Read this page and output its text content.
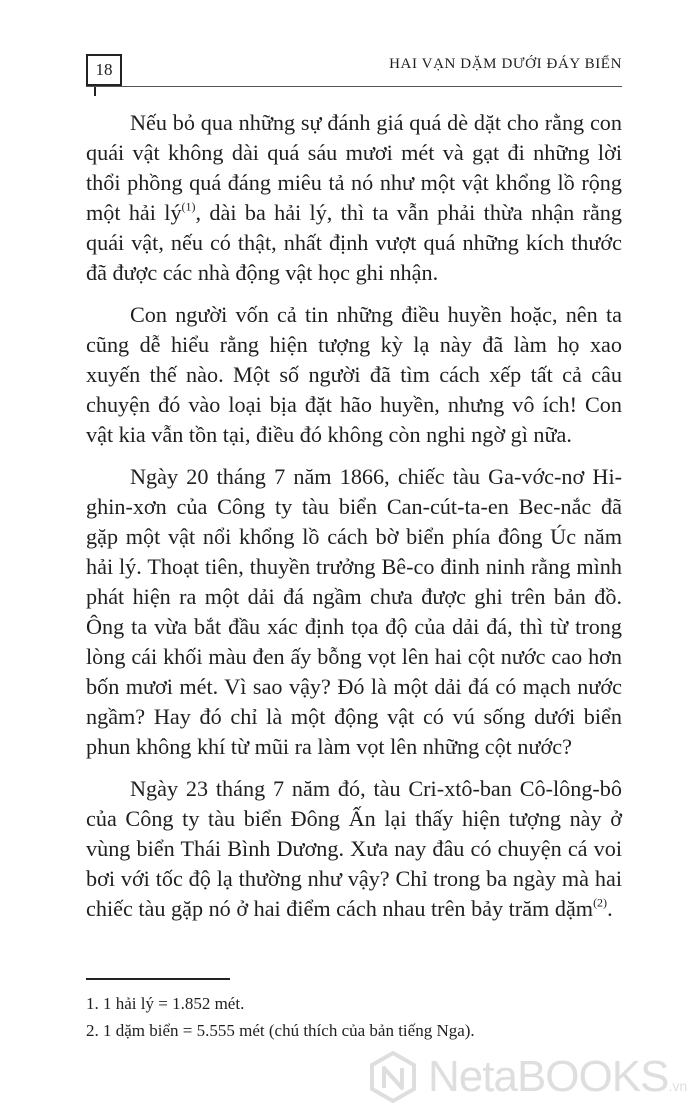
18	HAI VẠN DẶM DƯỚI ĐÁY BIỂN

Nếu bỏ qua những sự đánh giá quá dè dặt cho rằng con quái vật không dài quá sáu mươi mét và gạt đi những lời thổi phồng quá đáng miêu tả nó như một vật khổng lồ rộng một hải $lý^{(1)}$, dài ba hải lý, thì ta vẫn phải thừa nhận rằng quái vật, nếu có thật, nhất định vượt quá những kích thước đã được các nhà động vật học ghi nhận.

Con người vốn cả tin những điều huyền hoặc, nên ta cũng dễ hiểu rằng hiện tượng kỳ lạ này đã làm họ xao xuyến thế nào. Một số người đã tìm cách xếp tất cả câu chuyện đó vào loại bịa đặt hão huyền, nhưng vô ích! Con vật kia vẫn tồn tại, điều đó không còn nghi ngờ gì nữa.

Ngày 20 tháng 7 năm 1866, chiếc tàu Ga-vớc-nơ Hi-ghin-xơn của Công ty tàu biển Can-cút-ta-en Bec-nắc đã gặp một vật nổi khổng lồ cách bờ biển phía đông Úc năm hải lý. Thoạt tiên, thuyền trưởng Bê-co đinh ninh rằng mình phát hiện ra một dải đá ngầm chưa được ghi trên bản đồ. Ông ta vừa bắt đầu xác định tọa độ của dải đá, thì từ trong lòng cái khối màu đen ấy bỗng vọt lên hai cột nước cao hơn bốn mươi mét. Vì sao vậy? Đó là một dải đá có mạch nước ngầm? Hay đó chỉ là một động vật có vú sống dưới biển phun không khí từ mũi ra làm vọt lên những cột nước?

Ngày 23 tháng 7 năm đó, tàu Cri-xtô-ban Cô-lông-bô của Công ty tàu biển Đông Ấn lại thấy hiện tượng này ở vùng biển Thái Bình Dương. Xưa nay đâu có chuyện cá voi bơi với tốc độ lạ thường như vậy? Chỉ trong ba ngày mà hai chiếc tàu gặp nó ở hai điểm cách nhau trên bảy trăm dặm$^{(2)}$.

1. 1 hải lý = 1.852 mét.
2. 1 dặm biển = 5.555 mét (chú thích của bản tiếng Nga).
NetaBOOKS.vn
